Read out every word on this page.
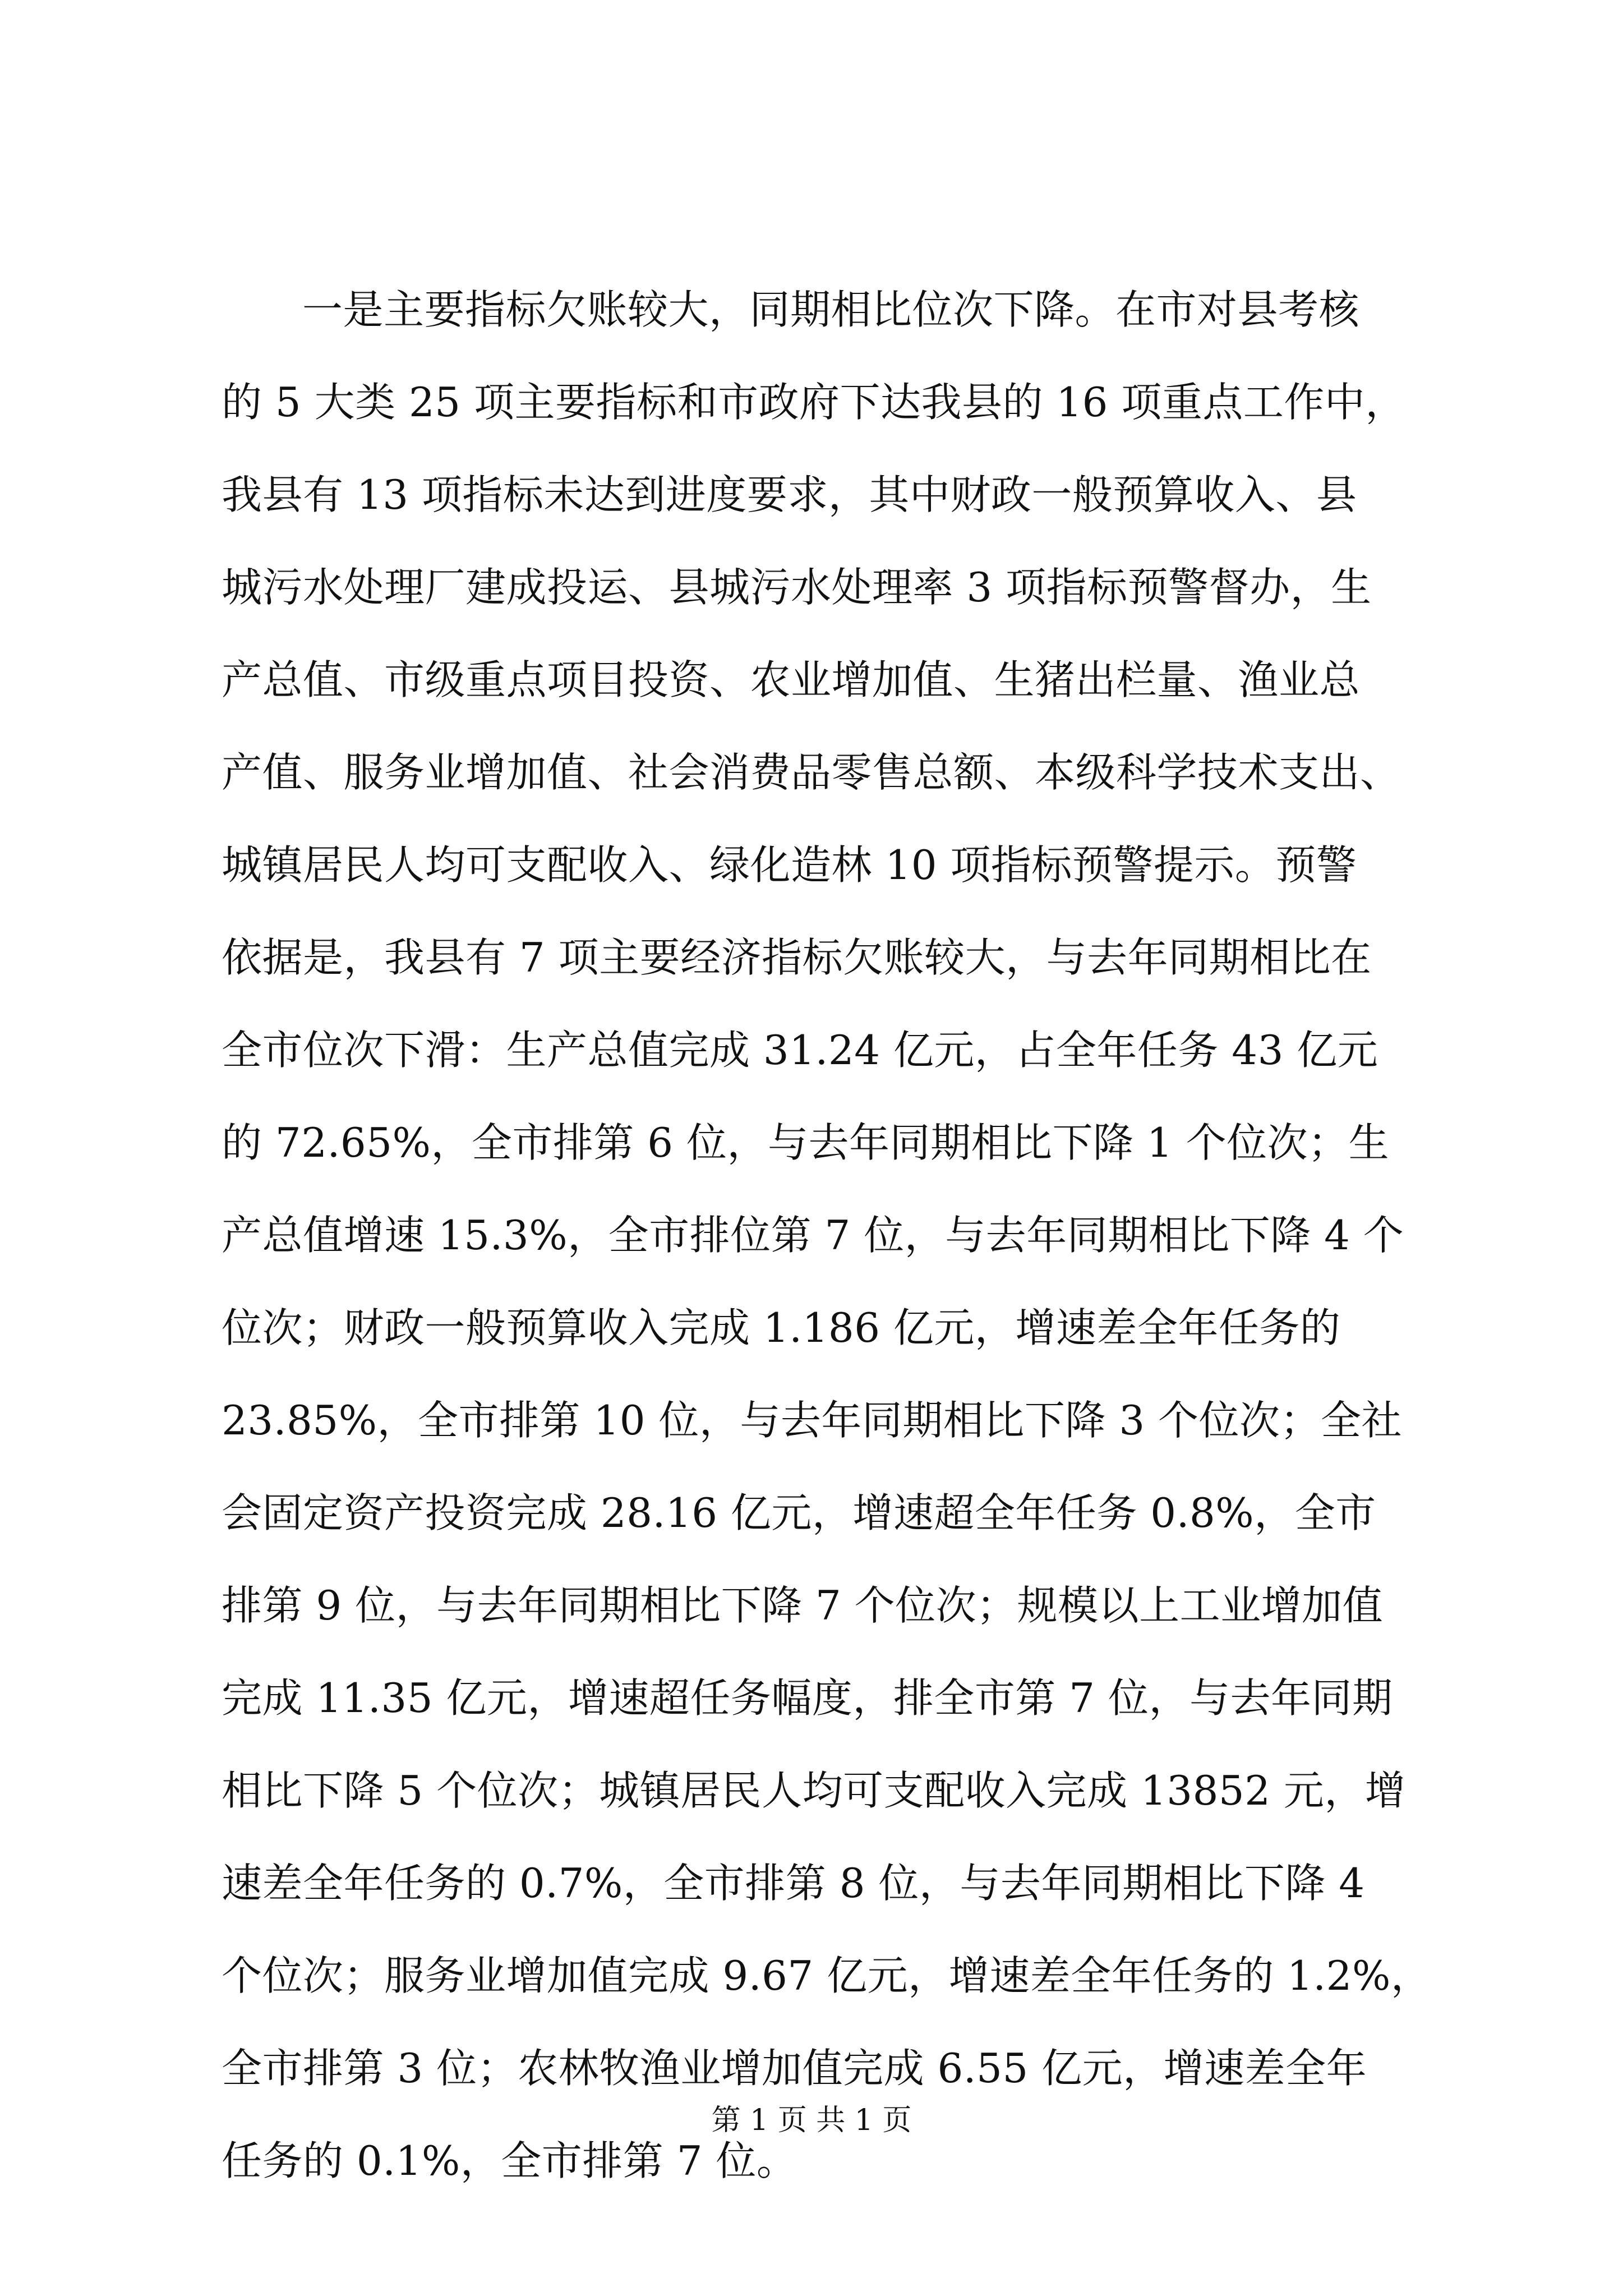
一是主要指标欠账较大，同期相比位次下降。在市对县考核
的 5 大类 25 项主要指标和市政府下达我县的 16 项重点工作中，
我县有 13 项指标未达到进度要求，其中财政一般预算收入、县
城污水处理厂建成投运、县城污水处理率 3 项指标预警督办，生
产总值、市级重点项目投资、农业增加值、生猪出栏量、渔业总
产值、服务业增加值、社会消费品零售总额、本级科学技术支出、
城镇居民人均可支配收入、绿化造林 10 项指标预警提示。预警
依据是，我县有 7 项主要经济指标欠账较大，与去年同期相比在
全市位次下滑：生产总值完成 31.24 亿元，占全年任务 43 亿元
的 72.65%，全市排第 6 位，与去年同期相比下降 1 个位次；生
产总值增速 15.3%，全市排位第 7 位，与去年同期相比下降 4 个
位次；财政一般预算收入完成 1.186 亿元，增速差全年任务的
23.85%，全市排第 10 位，与去年同期相比下降 3 个位次；全社
会固定资产投资完成 28.16 亿元，增速超全年任务 0.8%，全市
排第 9 位，与去年同期相比下降 7 个位次；规模以上工业增加值
完成 11.35 亿元，增速超任务幅度，排全市第 7 位，与去年同期
相比下降 5 个位次；城镇居民人均可支配收入完成 13852 元，增
速差全年任务的 0.7%，全市排第 8 位，与去年同期相比下降 4
个位次；服务业增加值完成 9.67 亿元，增速差全年任务的 1.2%，
全市排第 3 位；农林牧渔业增加值完成 6.55 亿元，增速差全年
任务的 0.1%，全市排第 7 位。
第 1 页 共 1 页
